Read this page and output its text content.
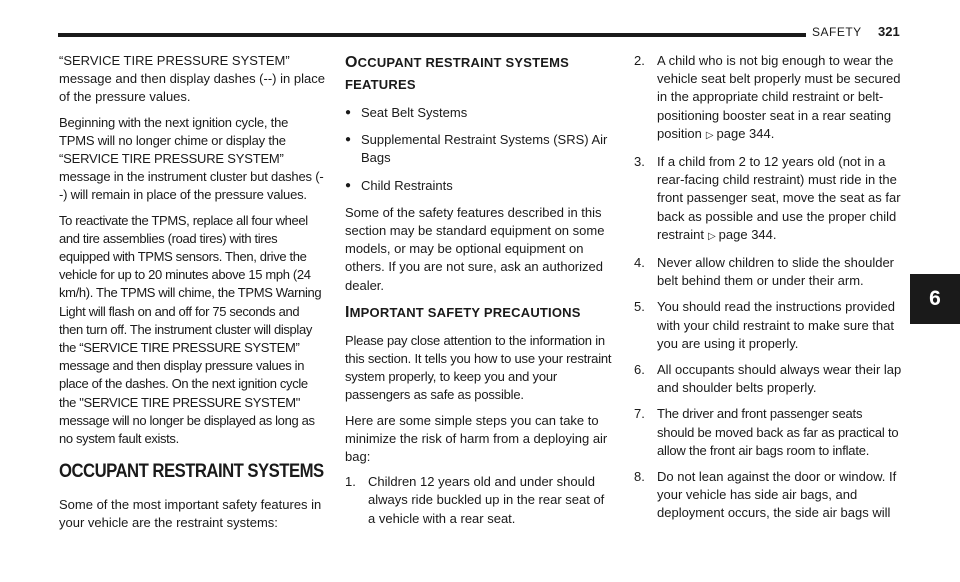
SAFETY 321
6

“SERVICE TIRE PRESSURE SYSTEM” message and then display dashes (--) in place of the pressure values.

Beginning with the next ignition cycle, the TPMS will no longer chime or display the “SERVICE TIRE PRESSURE SYSTEM” message in the instrument cluster but dashes (--) will remain in place of the pressure values.

To reactivate the TPMS, replace all four wheel and tire assemblies (road tires) with tires equipped with TPMS sensors. Then, drive the vehicle for up to 20 minutes above 15 mph (24 km/h). The TPMS will chime, the TPMS Warning Light will flash on and off for 75 seconds and then turn off. The instrument cluster will display the “SERVICE TIRE PRESSURE SYSTEM” message and then display pressure values in place of the dashes. On the next ignition cycle the "SERVICE TIRE PRESSURE SYSTEM" message will no longer be displayed as long as no system fault exists.

OCCUPANT RESTRAINT SYSTEMS

Some of the most important safety features in your vehicle are the restraint systems:

OCCUPANT RESTRAINT SYSTEMS FEATURES
● Seat Belt Systems
● Supplemental Restraint Systems (SRS) Air Bags
● Child Restraints

Some of the safety features described in this section may be standard equipment on some models, or may be optional equipment on others. If you are not sure, ask an authorized dealer.

IMPORTANT SAFETY PRECAUTIONS

Please pay close attention to the information in this section. It tells you how to use your restraint system properly, to keep you and your passengers as safe as possible.

Here are some simple steps you can take to minimize the risk of harm from a deploying air bag:

1. Children 12 years old and under should always ride buckled up in the rear seat of a vehicle with a rear seat.
2. A child who is not big enough to wear the vehicle seat belt properly must be secured in the appropriate child restraint or belt-positioning booster seat in a rear seating position ▷ page 344.
3. If a child from 2 to 12 years old (not in a rear-facing child restraint) must ride in the front passenger seat, move the seat as far back as possible and use the proper child restraint ▷ page 344.
4. Never allow children to slide the shoulder belt behind them or under their arm.
5. You should read the instructions provided with your child restraint to make sure that you are using it properly.
6. All occupants should always wear their lap and shoulder belts properly.
7. The driver and front passenger seats should be moved back as far as practical to allow the front air bags room to inflate.
8. Do not lean against the door or window. If your vehicle has side air bags, and deployment occurs, the side air bags will
